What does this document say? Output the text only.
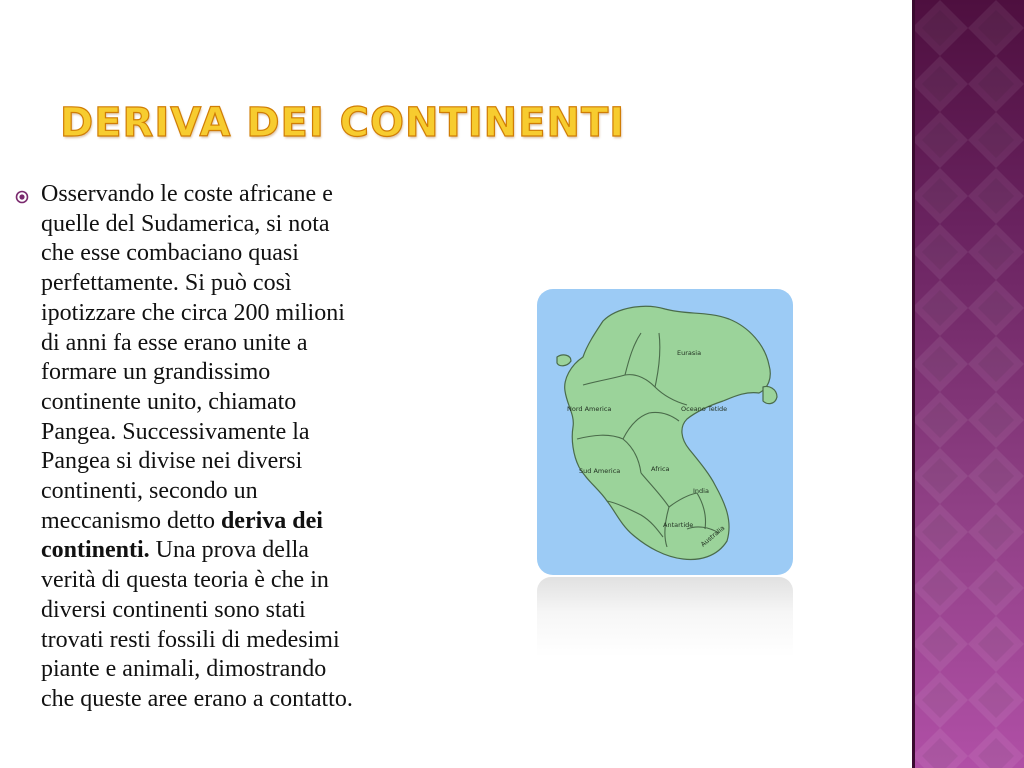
DERIVA DEI CONTINENTI

Osservando le coste africane e
quelle del Sudamerica, si nota
che esse combaciano quasi
perfettamente. Si può così
ipotizzare che circa 200 milioni
di anni fa esse erano unite a
formare un grandissimo
continente unito, chiamato
Pangea. Successivamente la
Pangea si divise nei diversi
continenti, secondo un
meccanismo detto deriva dei
continenti. Una prova della
verità di questa teoria è che in
diversi continenti sono stati
trovati resti fossili di medesimi
piante e animali, dimostrando
che queste aree erano a contatto.

Eurasia
Oceano Tetide
Nord America
Sud America	Africa
India
Antartide Australia
